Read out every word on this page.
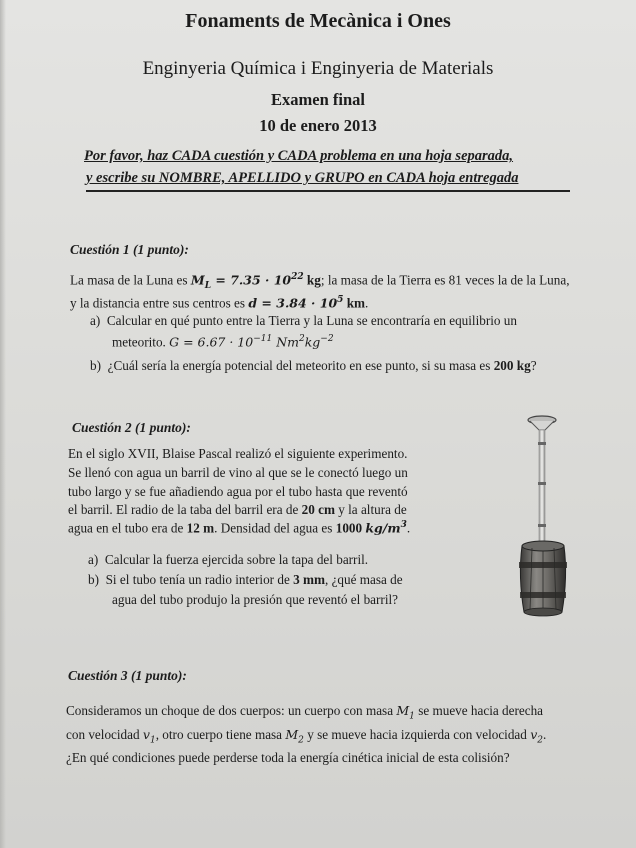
Fonaments de Mecànica i Ones
Enginyeria Química i Enginyeria de Materials
Examen final
10 de enero 2013
Por favor, haz CADA cuestión y CADA problema en una hoja separada,
y escribe su NOMBRE, APELLIDO y GRUPO en CADA hoja entregada
Cuestión 1 (1 punto):
La masa de la Luna es $M_L = 7.35 \cdot 10^{22}$ kg; la masa de la Tierra es 81 veces la de la Luna,
y la distancia entre sus centros es $d = 3.84 \cdot 10^5$ km.
a) Calcular en qué punto entre la Tierra y la Luna se encontraría en equilibrio un
meteorito. $G = 6.67 \cdot 10^{-11}$ $Nm^2kg^{-2}$
b) ¿Cuál sería la energía potencial del meteorito en ese punto, si su masa es 200 kg?
Cuestión 2 (1 punto):
En el siglo XVII, Blaise Pascal realizó el siguiente experimento.
Se llenó con agua un barril de vino al que se le conectó luego un
tubo largo y se fue añadiendo agua por el tubo hasta que reventó
el barril. El radio de la taba del barril era de 20 cm y la altura de
agua en el tubo era de 12 m. Densidad del agua es 1000 $kg/m^3$.
a) Calcular la fuerza ejercida sobre la tapa del barril.
b) Si el tubo tenía un radio interior de 3 mm, ¿qué masa de
agua del tubo produjo la presión que reventó el barril?
Cuestión 3 (1 punto):
Consideramos un choque de dos cuerpos: un cuerpo con masa $M_1$ se mueve hacia derecha
con velocidad $v_1$, otro cuerpo tiene masa $M_2$ y se mueve hacia izquierda con velocidad $v_2$.
¿En qué condiciones puede perderse toda la energía cinética inicial de esta colisión?
